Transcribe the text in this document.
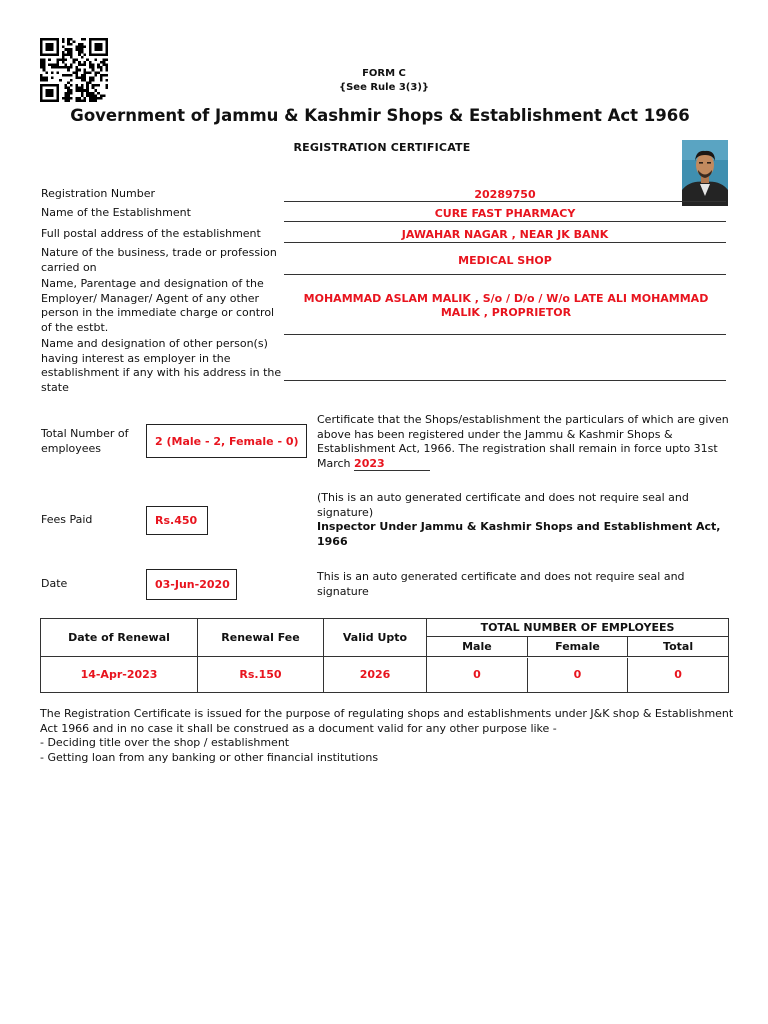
FORM C
{See Rule 3(3)}
Government of Jammu & Kashmir Shops & Establishment Act 1966
REGISTRATION CERTIFICATE
Registration Number	20289750
Name of the Establishment	CURE FAST PHARMACY
Full postal address of the establishment	JAWAHAR NAGAR , NEAR JK BANK
Nature of the business, trade or profession carried on
MEDICAL SHOP
Name, Parentage and designation of the Employer/ Manager/ Agent of any other person in the immediate charge or control of the estbt.
MOHAMMAD ASLAM MALIK , S/o / D/o / W/o LATE ALI MOHAMMAD MALIK , PROPRIETOR
Name and designation of other person(s) having interest as employer in the establishment if any with his address in the state
Total Number of employees
2 (Male - 2, Female - 0)
Certificate that the Shops/establishment the particulars of which are given above has been registered under the Jammu & Kashmir Shops & Establishment Act, 1966. The registration shall remain in force upto 31st March 2023
Fees Paid	Rs.450
(This is an auto generated certificate and does not require seal and signature)
Inspector Under Jammu & Kashmir Shops and Establishment Act, 1966
Date	03-Jun-2020
This is an auto generated certificate and does not require seal and signature
Date of Renewal	Renewal Fee	Valid Upto	
TOTAL NUMBER OF EMPLOYEES
Male	Female	Total

14-Apr-2023	Rs.150	2026		0	0	0
The Registration Certificate is issued for the purpose of regulating shops and establishments under J&K shop & Establishment Act 1966 and in no case it shall be construed as a document valid for any other purpose like -
- Deciding title over the shop / establishment
- Getting loan from any banking or other financial institutions
